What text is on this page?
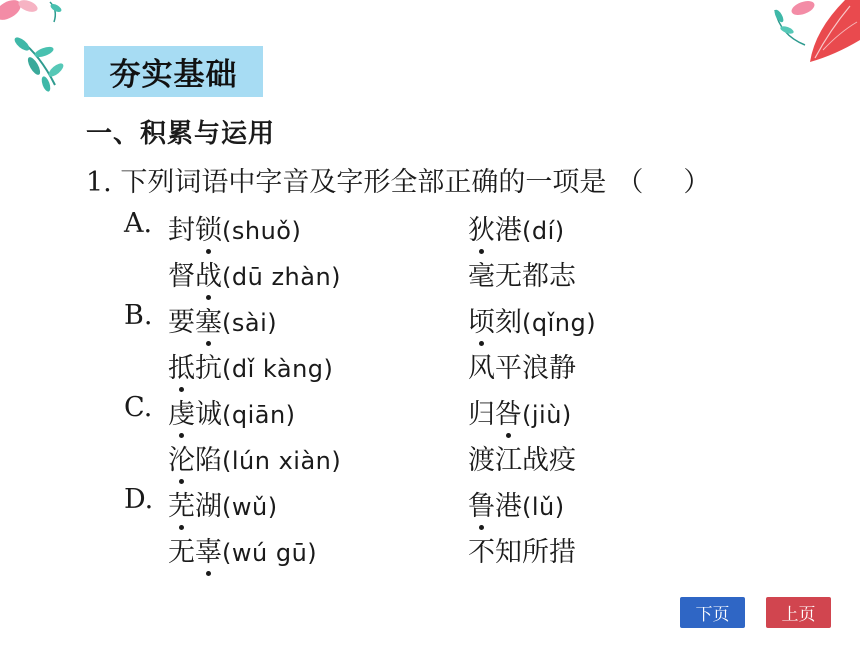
夯实基础
一、积累与运用
1. 下列词语中字音及字形全部正确的一项是 （ ）
A. 封锁(shuǒ)	狄港(dí)
督战(dū zhàn)	毫无都志
B. 要塞(sài)	顷刻(qǐng)
抵抗(dǐ kàng)	风平浪静
C. 虔诚(qiān)	归咎(jiù)
沦陷(lún xiàn)	渡江战疫
D. 芜湖(wǔ)	鲁港(lǔ)
无辜(wú gū)	不知所措
下页	上页
